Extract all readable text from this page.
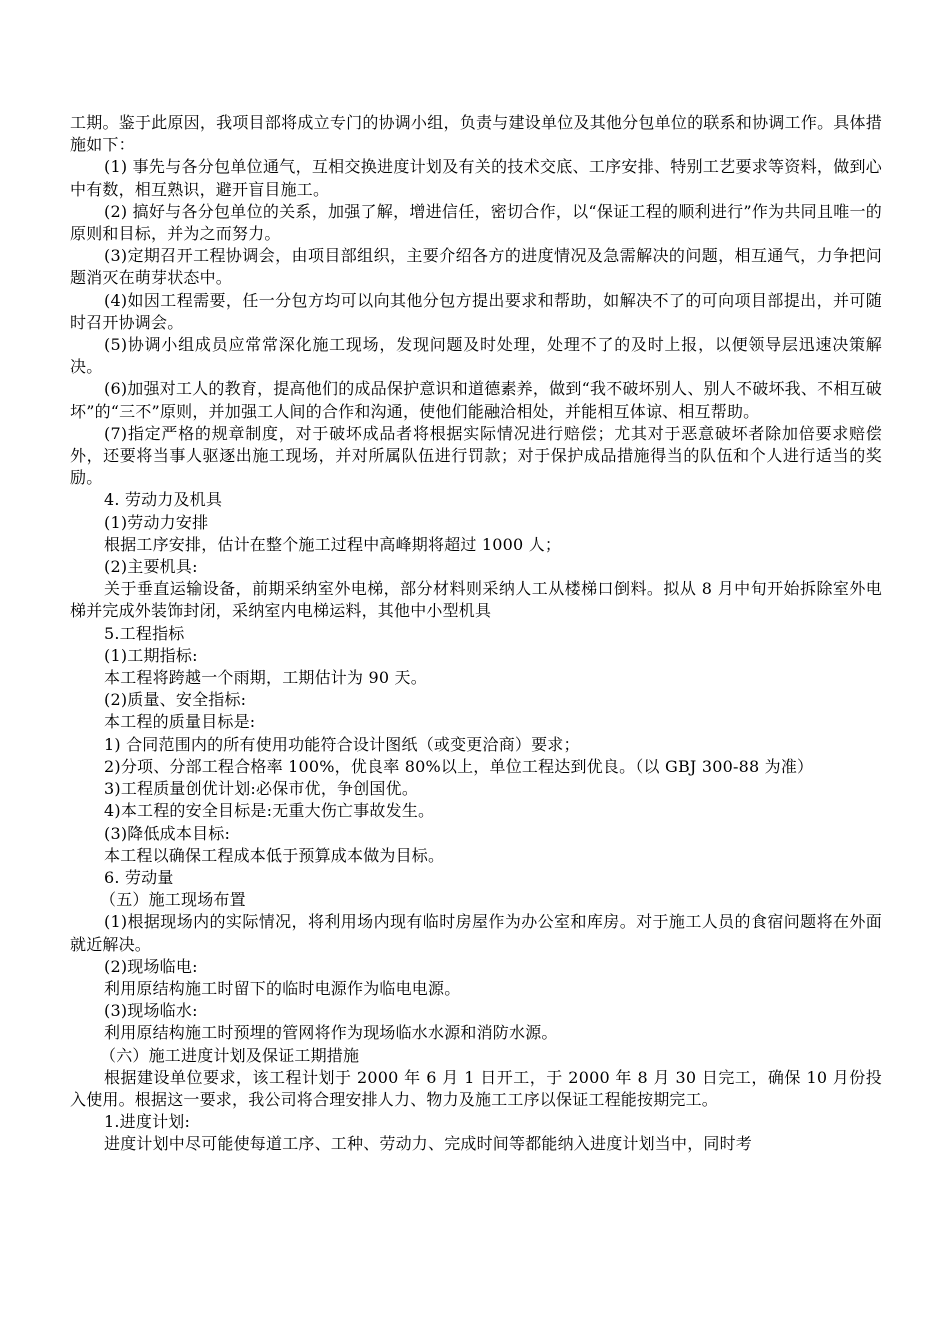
工期。鉴于此原因，我项目部将成立专门的协调小组，负责与建设单位及其他分包单位的联系和协调工作。具体措施如下：

(1) 事先与各分包单位通气，互相交换进度计划及有关的技术交底、工序安排、特别工艺要求等资料，做到心中有数，相互熟识，避开盲目施工。

(2) 搞好与各分包单位的关系，加强了解，增进信任，密切合作，以“保证工程的顺利进行”作为共同且唯一的原则和目标，并为之而努力。

(3)定期召开工程协调会，由项目部组织，主要介绍各方的进度情况及急需解决的问题，相互通气，力争把问题消灭在萌芽状态中。

(4)如因工程需要，任一分包方均可以向其他分包方提出要求和帮助，如解决不了的可向项目部提出，并可随时召开协调会。

(5)协调小组成员应常常深化施工现场，发现问题及时处理，处理不了的及时上报，以便领导层迅速决策解决。

(6)加强对工人的教育，提高他们的成品保护意识和道德素养，做到“我不破坏别人、别人不破坏我、不相互破坏”的“三不”原则，并加强工人间的合作和沟通，使他们能融洽相处，并能相互体谅、相互帮助。

(7)指定严格的规章制度，对于破坏成品者将根据实际情况进行赔偿；尤其对于恶意破坏者除加倍要求赔偿外，还要将当事人驱逐出施工现场，并对所属队伍进行罚款；对于保护成品措施得当的队伍和个人进行适当的奖励。

4. 劳动力及机具

(1)劳动力安排

根据工序安排，估计在整个施工过程中高峰期将超过 1000 人；

(2)主要机具:

关于垂直运输设备，前期采纳室外电梯，部分材料则采纳人工从楼梯口倒料。拟从 8 月中旬开始拆除室外电梯并完成外装饰封闭，采纳室内电梯运料，其他中小型机具

5.工程指标

(1)工期指标:

本工程将跨越一个雨期，工期估计为 90 天。

(2)质量、安全指标:

本工程的质量目标是:

1) 合同范围内的所有使用功能符合设计图纸（或变更洽商）要求；

2)分项、分部工程合格率 100%，优良率 80%以上，单位工程达到优良。（以 GBJ 300-88 为准）

3)工程质量创优计划:必保市优，争创国优。

4)本工程的安全目标是:无重大伤亡事故发生。

(3)降低成本目标:

本工程以确保工程成本低于预算成本做为目标。

6. 劳动量

（五）施工现场布置

(1)根据现场内的实际情况，将利用场内现有临时房屋作为办公室和库房。对于施工人员的食宿问题将在外面就近解决。

(2)现场临电:

利用原结构施工时留下的临时电源作为临电电源。

(3)现场临水:

利用原结构施工时预埋的管网将作为现场临水水源和消防水源。

（六）施工进度计划及保证工期措施

根据建设单位要求，该工程计划于 2000 年 6 月 1 日开工，于 2000 年 8 月 30 日完工，确保 10 月份投入使用。根据这一要求，我公司将合理安排人力、物力及施工工序以保证工程能按期完工。

1.进度计划:

进度计划中尽可能使每道工序、工种、劳动力、完成时间等都能纳入进度计划当中，同时考
